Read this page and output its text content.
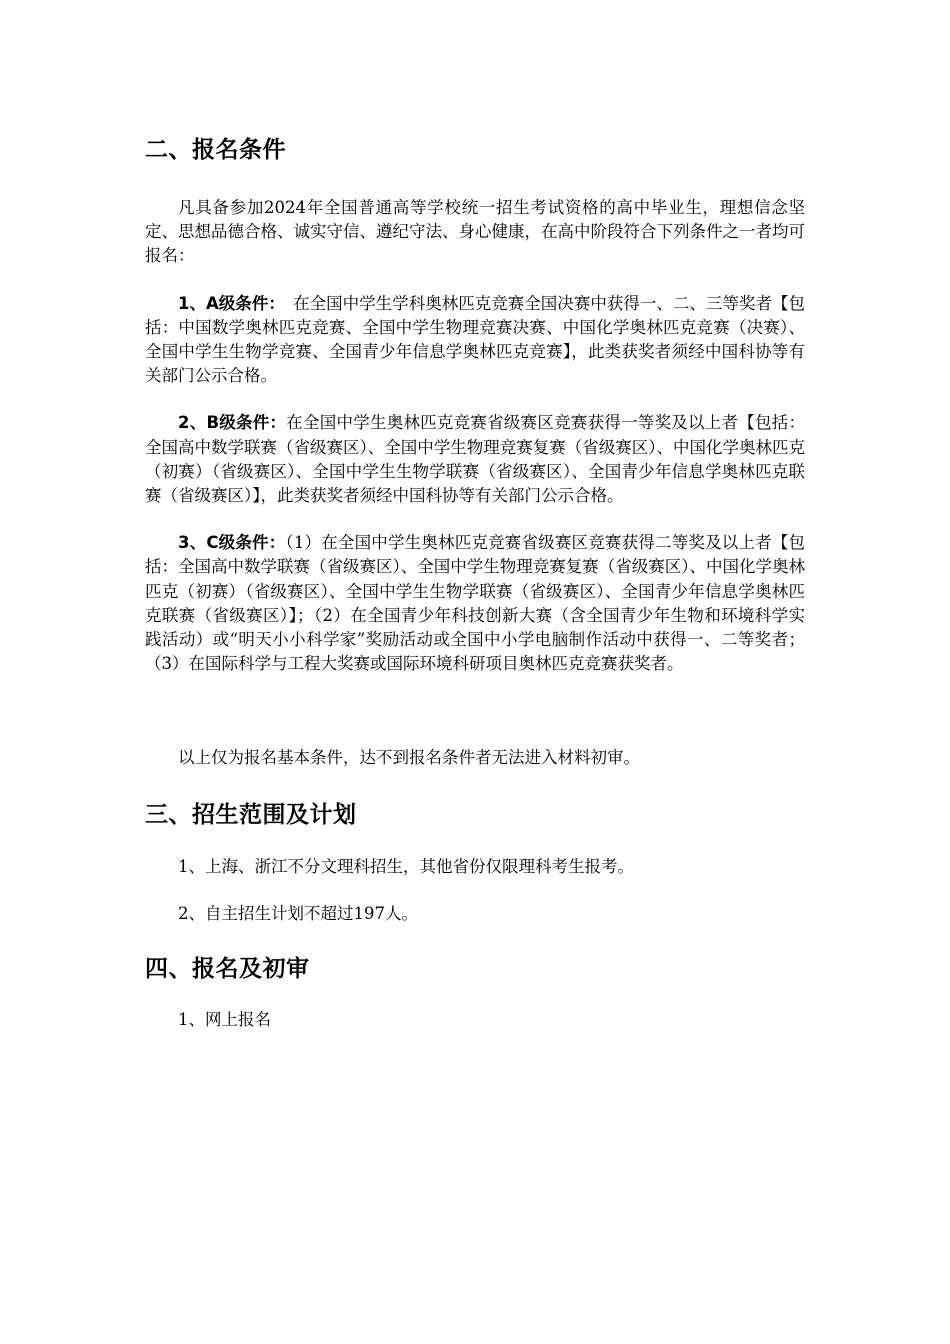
二、报名条件

凡具备参加2024年全国普通高等学校统一招生考试资格的高中毕业生，理想信念坚定、思想品德合格、诚实守信、遵纪守法、身心健康，在高中阶段符合下列条件之一者均可报名：

1、A级条件：　在全国中学生学科奥林匹克竞赛全国决赛中获得一、二、三等奖者【包括：中国数学奥林匹克竞赛、全国中学生物理竞赛决赛、中国化学奥林匹克竞赛（决赛）、全国中学生生物学竞赛、全国青少年信息学奥林匹克竞赛】，此类获奖者须经中国科协等有关部门公示合格。

2、B级条件：在全国中学生奥林匹克竞赛省级赛区竞赛获得一等奖及以上者【包括：全国高中数学联赛（省级赛区）、全国中学生物理竞赛复赛（省级赛区）、中国化学奥林匹克（初赛）（省级赛区）、全国中学生生物学联赛（省级赛区）、全国青少年信息学奥林匹克联赛（省级赛区）】，此类获奖者须经中国科协等有关部门公示合格。

3、C级条件：（1）在全国中学生奥林匹克竞赛省级赛区竞赛获得二等奖及以上者【包括：全国高中数学联赛（省级赛区）、全国中学生物理竞赛复赛（省级赛区）、中国化学奥林匹克（初赛）（省级赛区）、全国中学生生物学联赛（省级赛区）、全国青少年信息学奥林匹克联赛（省级赛区）】；（2）在全国青少年科技创新大赛（含全国青少年生物和环境科学实践活动）或“明天小小科学家”奖励活动或全国中小学电脑制作活动中获得一、二等奖者；（3）在国际科学与工程大奖赛或国际环境科研项目奥林匹克竞赛获奖者。

以上仅为报名基本条件，达不到报名条件者无法进入材料初审。

三、招生范围及计划

1、上海、浙江不分文理科招生，其他省份仅限理科考生报考。

2、自主招生计划不超过197人。

四、报名及初审

1、网上报名
